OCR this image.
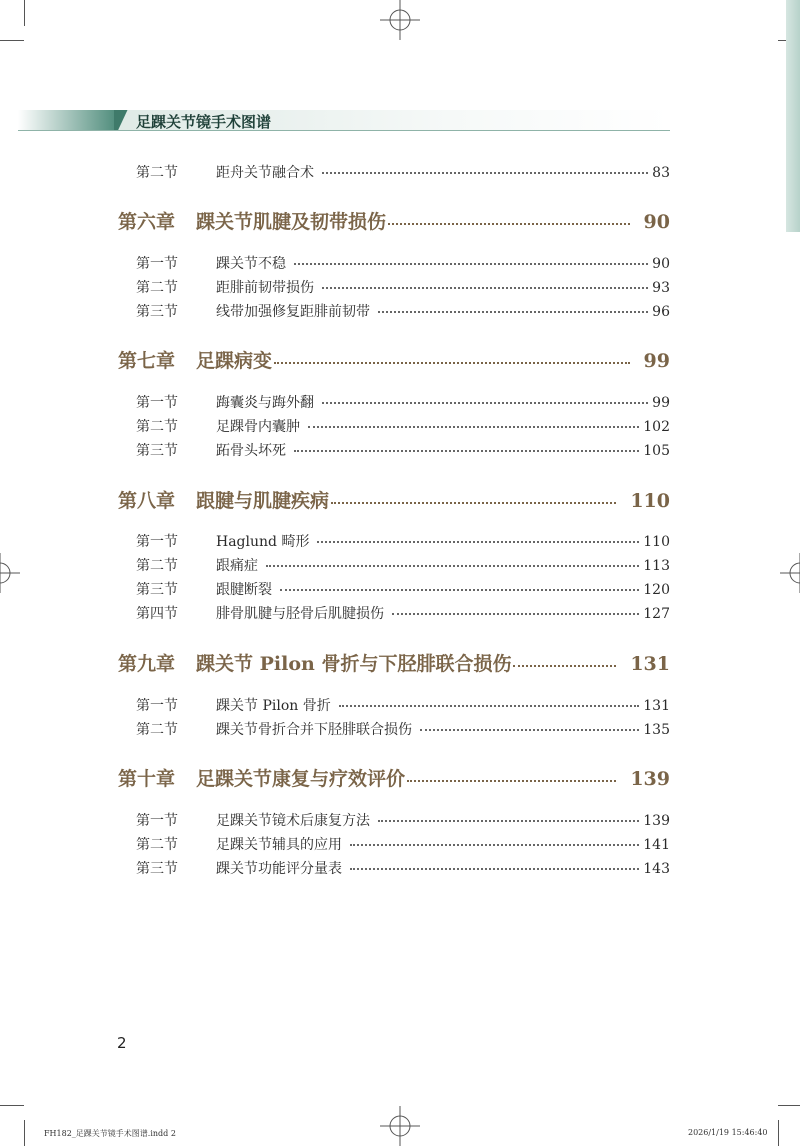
足踝关节镜手术图谱
第二节	距舟关节融合术	83
第六章	踝关节肌腱及韧带损伤	90
第一节	踝关节不稳	90
第二节	距腓前韧带损伤	93
第三节	线带加强修复距腓前韧带	96
第七章	足踝病变	99
第一节	踇囊炎与踇外翻	99
第二节	足踝骨内囊肿	102
第三节	跖骨头坏死	105
第八章	跟腱与肌腱疾病	110
第一节	Haglund 畸形	110
第二节	跟痛症	113
第三节	跟腱断裂	120
第四节	腓骨肌腱与胫骨后肌腱损伤	127
第九章	踝关节 Pilon 骨折与下胫腓联合损伤	131
第一节	踝关节 Pilon 骨折	131
第二节	踝关节骨折合并下胫腓联合损伤	135
第十章	足踝关节康复与疗效评价	139
第一节	足踝关节镜术后康复方法	139
第二节	足踝关节辅具的应用	141
第三节	踝关节功能评分量表	143
2
FH182_足踝关节镜手术图谱.indd 2	2026/1/19 15:46:40
